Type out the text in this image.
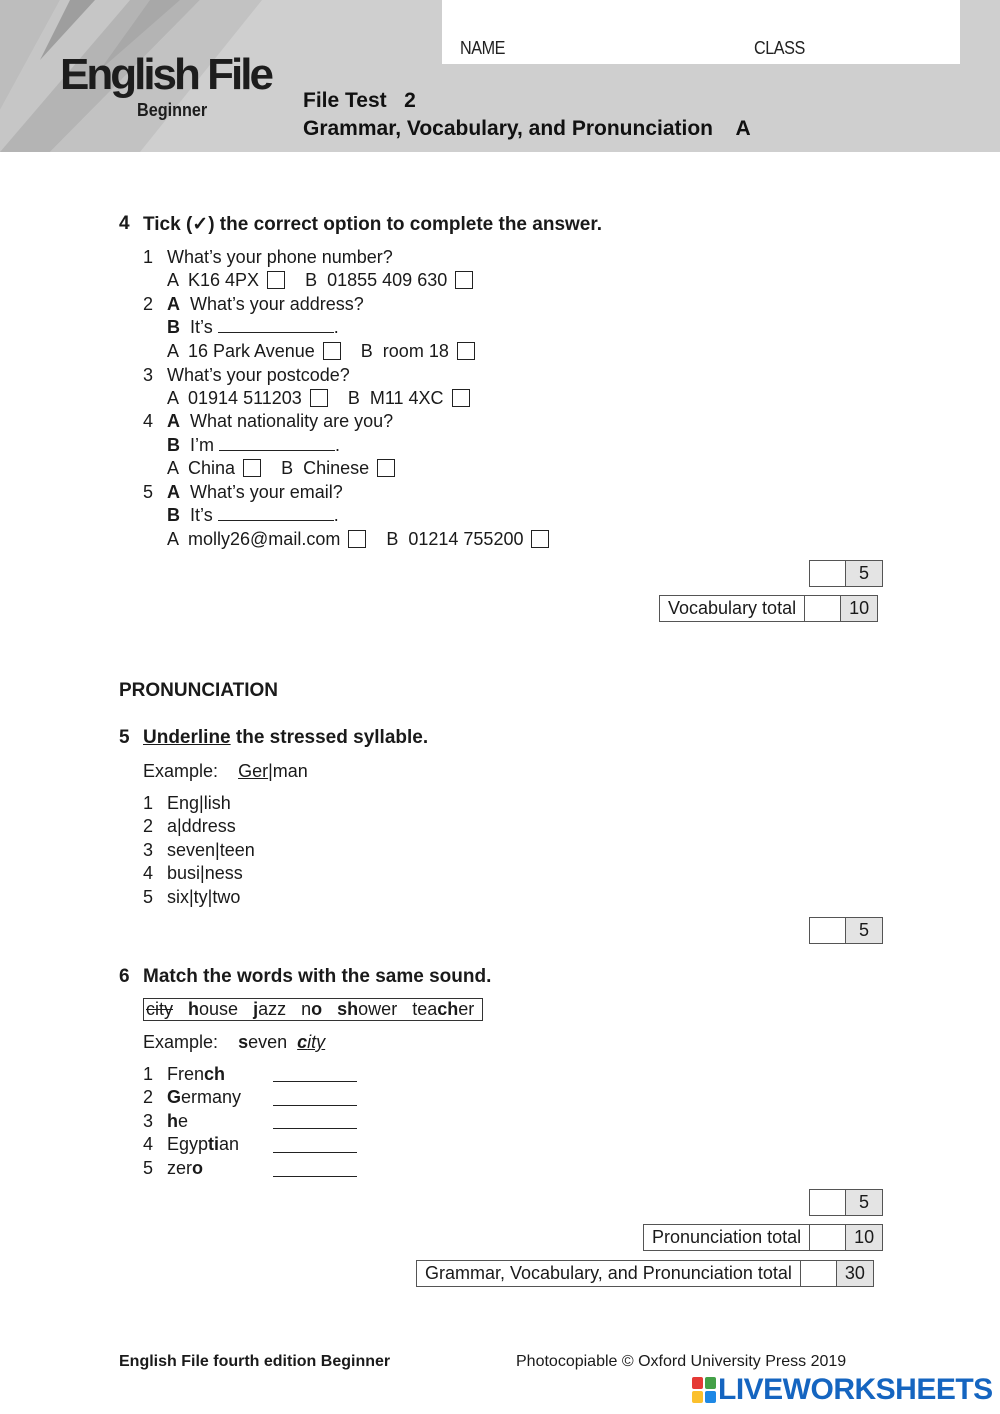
NAME	CLASS
English File
Beginner	File Test   2
Grammar, Vocabulary, and Pronunciation    A
4 Tick (✓) the correct option to complete the answer.
1 What’s your phone number?
A  K16 4PX	B  01855 409 630
2 A What’s your address?
B It’s	.
A  16 Park Avenue	B  room 18
3 What’s your postcode?
A  01914 511203	B  M11 4XC
4 A What nationality are you?
B I’m	.
A  China	B  Chinese
5 A What’s your email?
B It’s	.
A  molly26@mail.com	B  01214 755200
5
Vocabulary total	10
PRONUNCIATION
5 Underline the stressed syllable.
Example: Ger|man
1 Eng|lish
2 a|ddress
3 seven|teen
4 busi|ness
5 six|ty|two
5
6 Match the words with the same sound.
city house jazz no shower teacher
Example: seven city
1 French
2 Germany
3 he
4 Egyptian
5 zero
5
Pronunciation total	10
Grammar, Vocabulary, and Pronunciation total	30
English File fourth edition Beginner	Photocopiable © Oxford University Press 2019
LIVEWORKSHEETS
